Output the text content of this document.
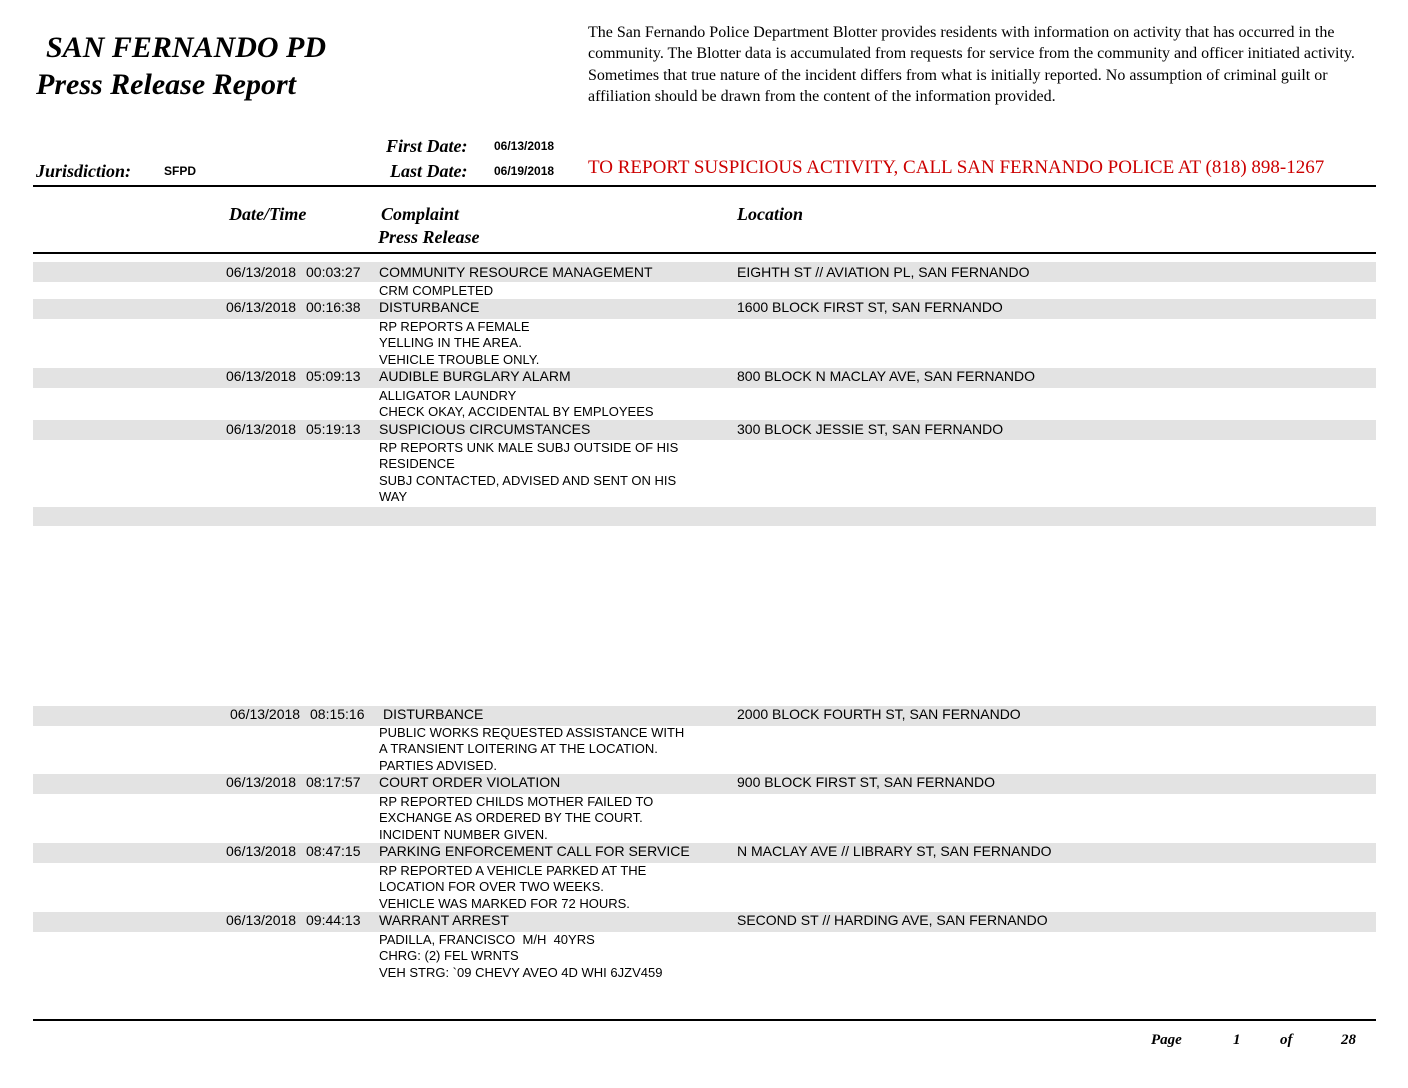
SAN FERNANDO PD
Press Release Report
The San Fernando Police Department Blotter provides residents with information on activity that has occurred in the community. The Blotter data is accumulated from requests for service from the community and officer initiated activity. Sometimes that true nature of the incident differs from what is initially reported. No assumption of criminal guilt or affiliation should be drawn from the content of the information provided.
First Date: 06/13/2018
Last Date: 06/19/2018
Jurisdiction:	SFPD	TO REPORT SUSPICIOUS ACTIVITY, CALL SAN FERNANDO POLICE AT (818) 898-1267
Date/Time	Complaint
Press Release
Location
06/13/2018 00:03:27 COMMUNITY RESOURCE MANAGEMENT	EIGHTH ST // AVIATION PL, SAN FERNANDO
CRM COMPLETED
06/13/2018 00:16:38 DISTURBANCE	1600 BLOCK FIRST ST, SAN FERNANDO
RP REPORTS A FEMALE
YELLING IN THE AREA.
VEHICLE TROUBLE ONLY.
06/13/2018 05:09:13 AUDIBLE BURGLARY ALARM	800 BLOCK N MACLAY AVE, SAN FERNANDO
ALLIGATOR LAUNDRY
CHECK OKAY, ACCIDENTAL BY EMPLOYEES
06/13/2018 05:19:13 SUSPICIOUS CIRCUMSTANCES	300 BLOCK JESSIE ST, SAN FERNANDO
RP REPORTS UNK MALE SUBJ OUTSIDE OF HIS
RESIDENCE
SUBJ CONTACTED, ADVISED AND SENT ON HIS
WAY
06/13/2018 08:15:16 DISTURBANCE	2000 BLOCK FOURTH ST, SAN FERNANDO
PUBLIC WORKS REQUESTED ASSISTANCE WITH
A TRANSIENT LOITERING AT THE LOCATION.
PARTIES ADVISED.
06/13/2018 08:17:57 COURT ORDER VIOLATION	900 BLOCK FIRST ST, SAN FERNANDO
RP REPORTED CHILDS MOTHER FAILED TO
EXCHANGE AS ORDERED BY THE COURT.
INCIDENT NUMBER GIVEN.
06/13/2018 08:47:15 PARKING ENFORCEMENT CALL FOR SERVICE	N MACLAY AVE // LIBRARY ST, SAN FERNANDO
RP REPORTED A VEHICLE PARKED AT THE
LOCATION FOR OVER TWO WEEKS.
VEHICLE WAS MARKED FOR 72 HOURS.
06/13/2018 09:44:13 WARRANT ARREST	SECOND ST // HARDING AVE, SAN FERNANDO
PADILLA, FRANCISCO  M/H  40YRS
CHRG: (2) FEL WRNTS
VEH STRG: `09 CHEVY AVEO 4D WHI 6JZV459
Page	1	of	28
